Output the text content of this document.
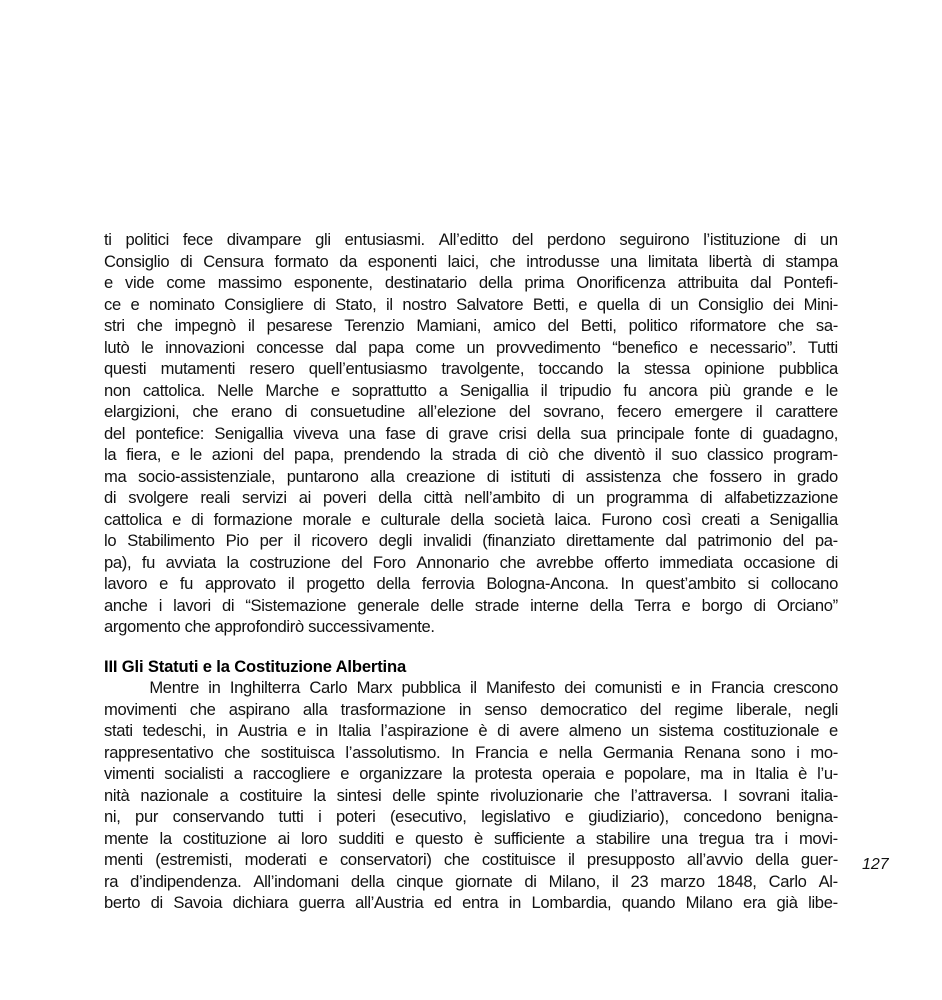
ti politici fece divampare gli entusiasmi. All’editto del perdono seguirono l’istituzione di un
Consiglio di Censura formato da esponenti laici, che introdusse una limitata libertà di stampa
e vide come massimo esponente, destinatario della prima Onorificenza attribuita dal Pontefi-
ce e nominato Consigliere di Stato, il nostro Salvatore Betti, e quella di un Consiglio dei Mini-
stri che impegnò il pesarese Terenzio Mamiani, amico del Betti, politico riformatore che sa-
lutò le innovazioni concesse dal papa come un provvedimento “benefico e necessario”. Tutti
questi mutamenti resero quell’entusiasmo travolgente, toccando la stessa opinione pubblica
non cattolica. Nelle Marche e soprattutto a Senigallia il tripudio fu ancora più grande e le
elargizioni, che erano di consuetudine all’elezione del sovrano, fecero emergere il carattere
del pontefice: Senigallia viveva una fase di grave crisi della sua principale fonte di guadagno,
la fiera, e le azioni del papa, prendendo la strada di ciò che diventò il suo classico program-
ma socio-assistenziale, puntarono alla creazione di istituti di assistenza che fossero in grado
di svolgere reali servizi ai poveri della città nell’ambito di un programma di alfabetizzazione
cattolica e di formazione morale e culturale della società laica. Furono così creati a Senigallia
lo Stabilimento Pio per il ricovero degli invalidi (finanziato direttamente dal patrimonio del pa-
pa), fu avviata la costruzione del Foro Annonario che avrebbe offerto immediata occasione di
lavoro e fu approvato il progetto della ferrovia Bologna-Ancona. In quest’ambito si collocano
anche i lavori di “Sistemazione generale delle strade interne della Terra e borgo di Orciano”
argomento che approfondirò successivamente.
III Gli Statuti e la Costituzione Albertina
Mentre in Inghilterra Carlo Marx pubblica il Manifesto dei comunisti e in Francia crescono
movimenti che aspirano alla trasformazione in senso democratico del regime liberale, negli
stati tedeschi, in Austria e in Italia l’aspirazione è di avere almeno un sistema costituzionale e
rappresentativo che sostituisca l’assolutismo. In Francia e nella Germania Renana sono i mo-
vimenti socialisti a raccogliere e organizzare la protesta operaia e popolare, ma in Italia è l’u-
nità nazionale a costituire la sintesi delle spinte rivoluzionarie che l’attraversa. I sovrani italia-
ni, pur conservando tutti i poteri (esecutivo, legislativo e giudiziario), concedono benigna-
mente la costituzione ai loro sudditi e questo è sufficiente a stabilire una tregua tra i movi-
menti (estremisti, moderati e conservatori) che costituisce il presupposto all’avvio della guer-
ra d’indipendenza. All’indomani della cinque giornate di Milano, il 23 marzo 1848, Carlo Al-
berto di Savoia dichiara guerra all’Austria ed entra in Lombardia, quando Milano era già libe-
127
